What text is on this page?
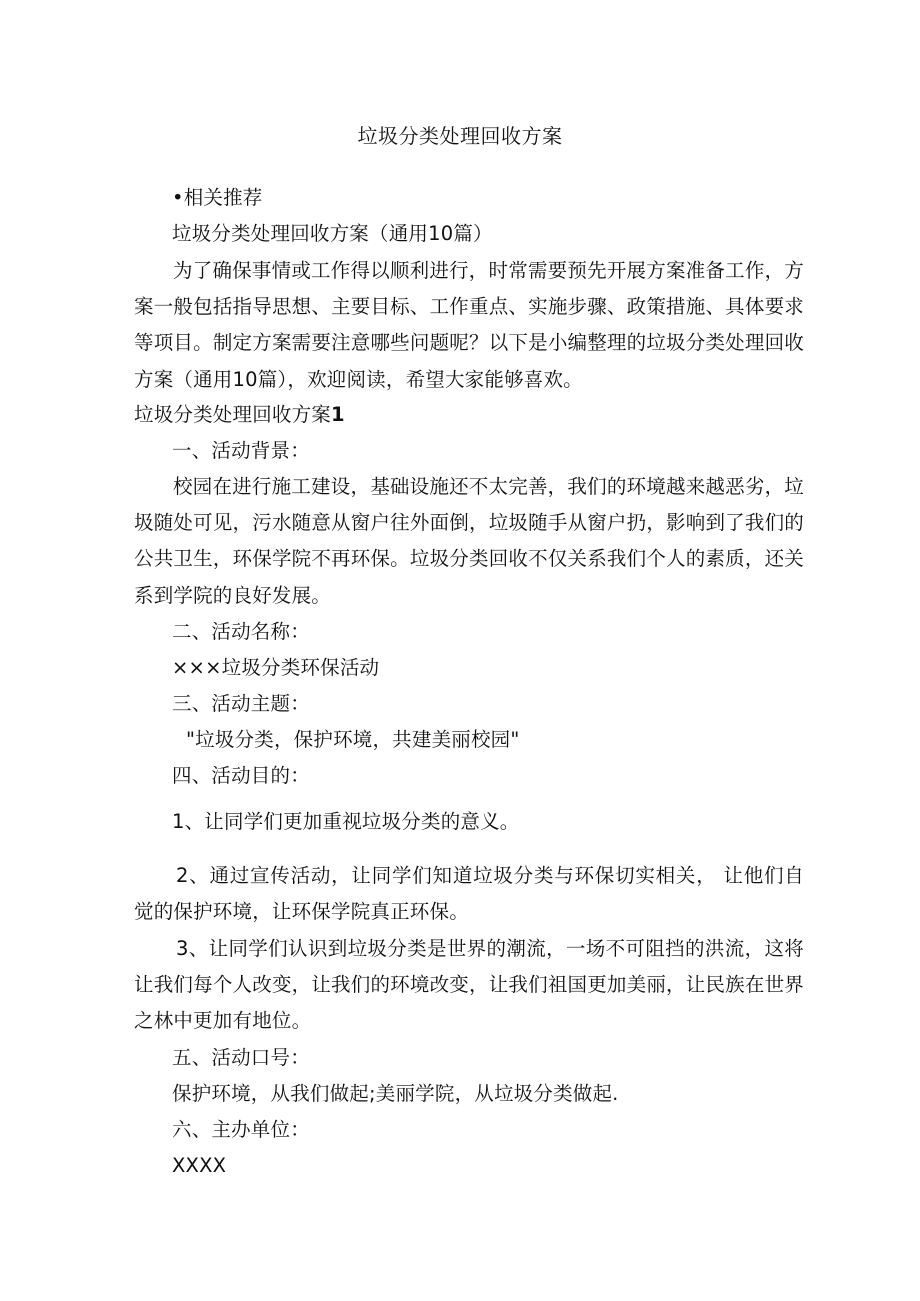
垃圾分类处理回收方案
•相关推荐
垃圾分类处理回收方案（通用10篇）
为了确保事情或工作得以顺利进行，时常需要预先开展方案准备工作，方案一般包括指导思想、主要目标、工作重点、实施步骤、政策措施、具体要求等项目。制定方案需要注意哪些问题呢？以下是小编整理的垃圾分类处理回收方案（通用10篇），欢迎阅读，希望大家能够喜欢。
垃圾分类处理回收方案1
一、活动背景：
校园在进行施工建设，基础设施还不太完善，我们的环境越来越恶劣，垃圾随处可见，污水随意从窗户往外面倒，垃圾随手从窗户扔，影响到了我们的公共卫生，环保学院不再环保。垃圾分类回收不仅关系我们个人的素质，还关系到学院的良好发展。
二、活动名称：
×××垃圾分类环保活动
三、活动主题：
"垃圾分类，保护环境，共建美丽校园"
四、活动目的：
1、让同学们更加重视垃圾分类的意义。
2、通过宣传活动，让同学们知道垃圾分类与环保切实相关， 让他们自觉的保护环境，让环保学院真正环保。
3、让同学们认识到垃圾分类是世界的潮流，一场不可阻挡的洪流，这将让我们每个人改变，让我们的环境改变，让我们祖国更加美丽，让民族在世界之林中更加有地位。
五、活动口号：
保护环境，从我们做起;美丽学院，从垃圾分类做起.
六、主办单位：
XXXX
